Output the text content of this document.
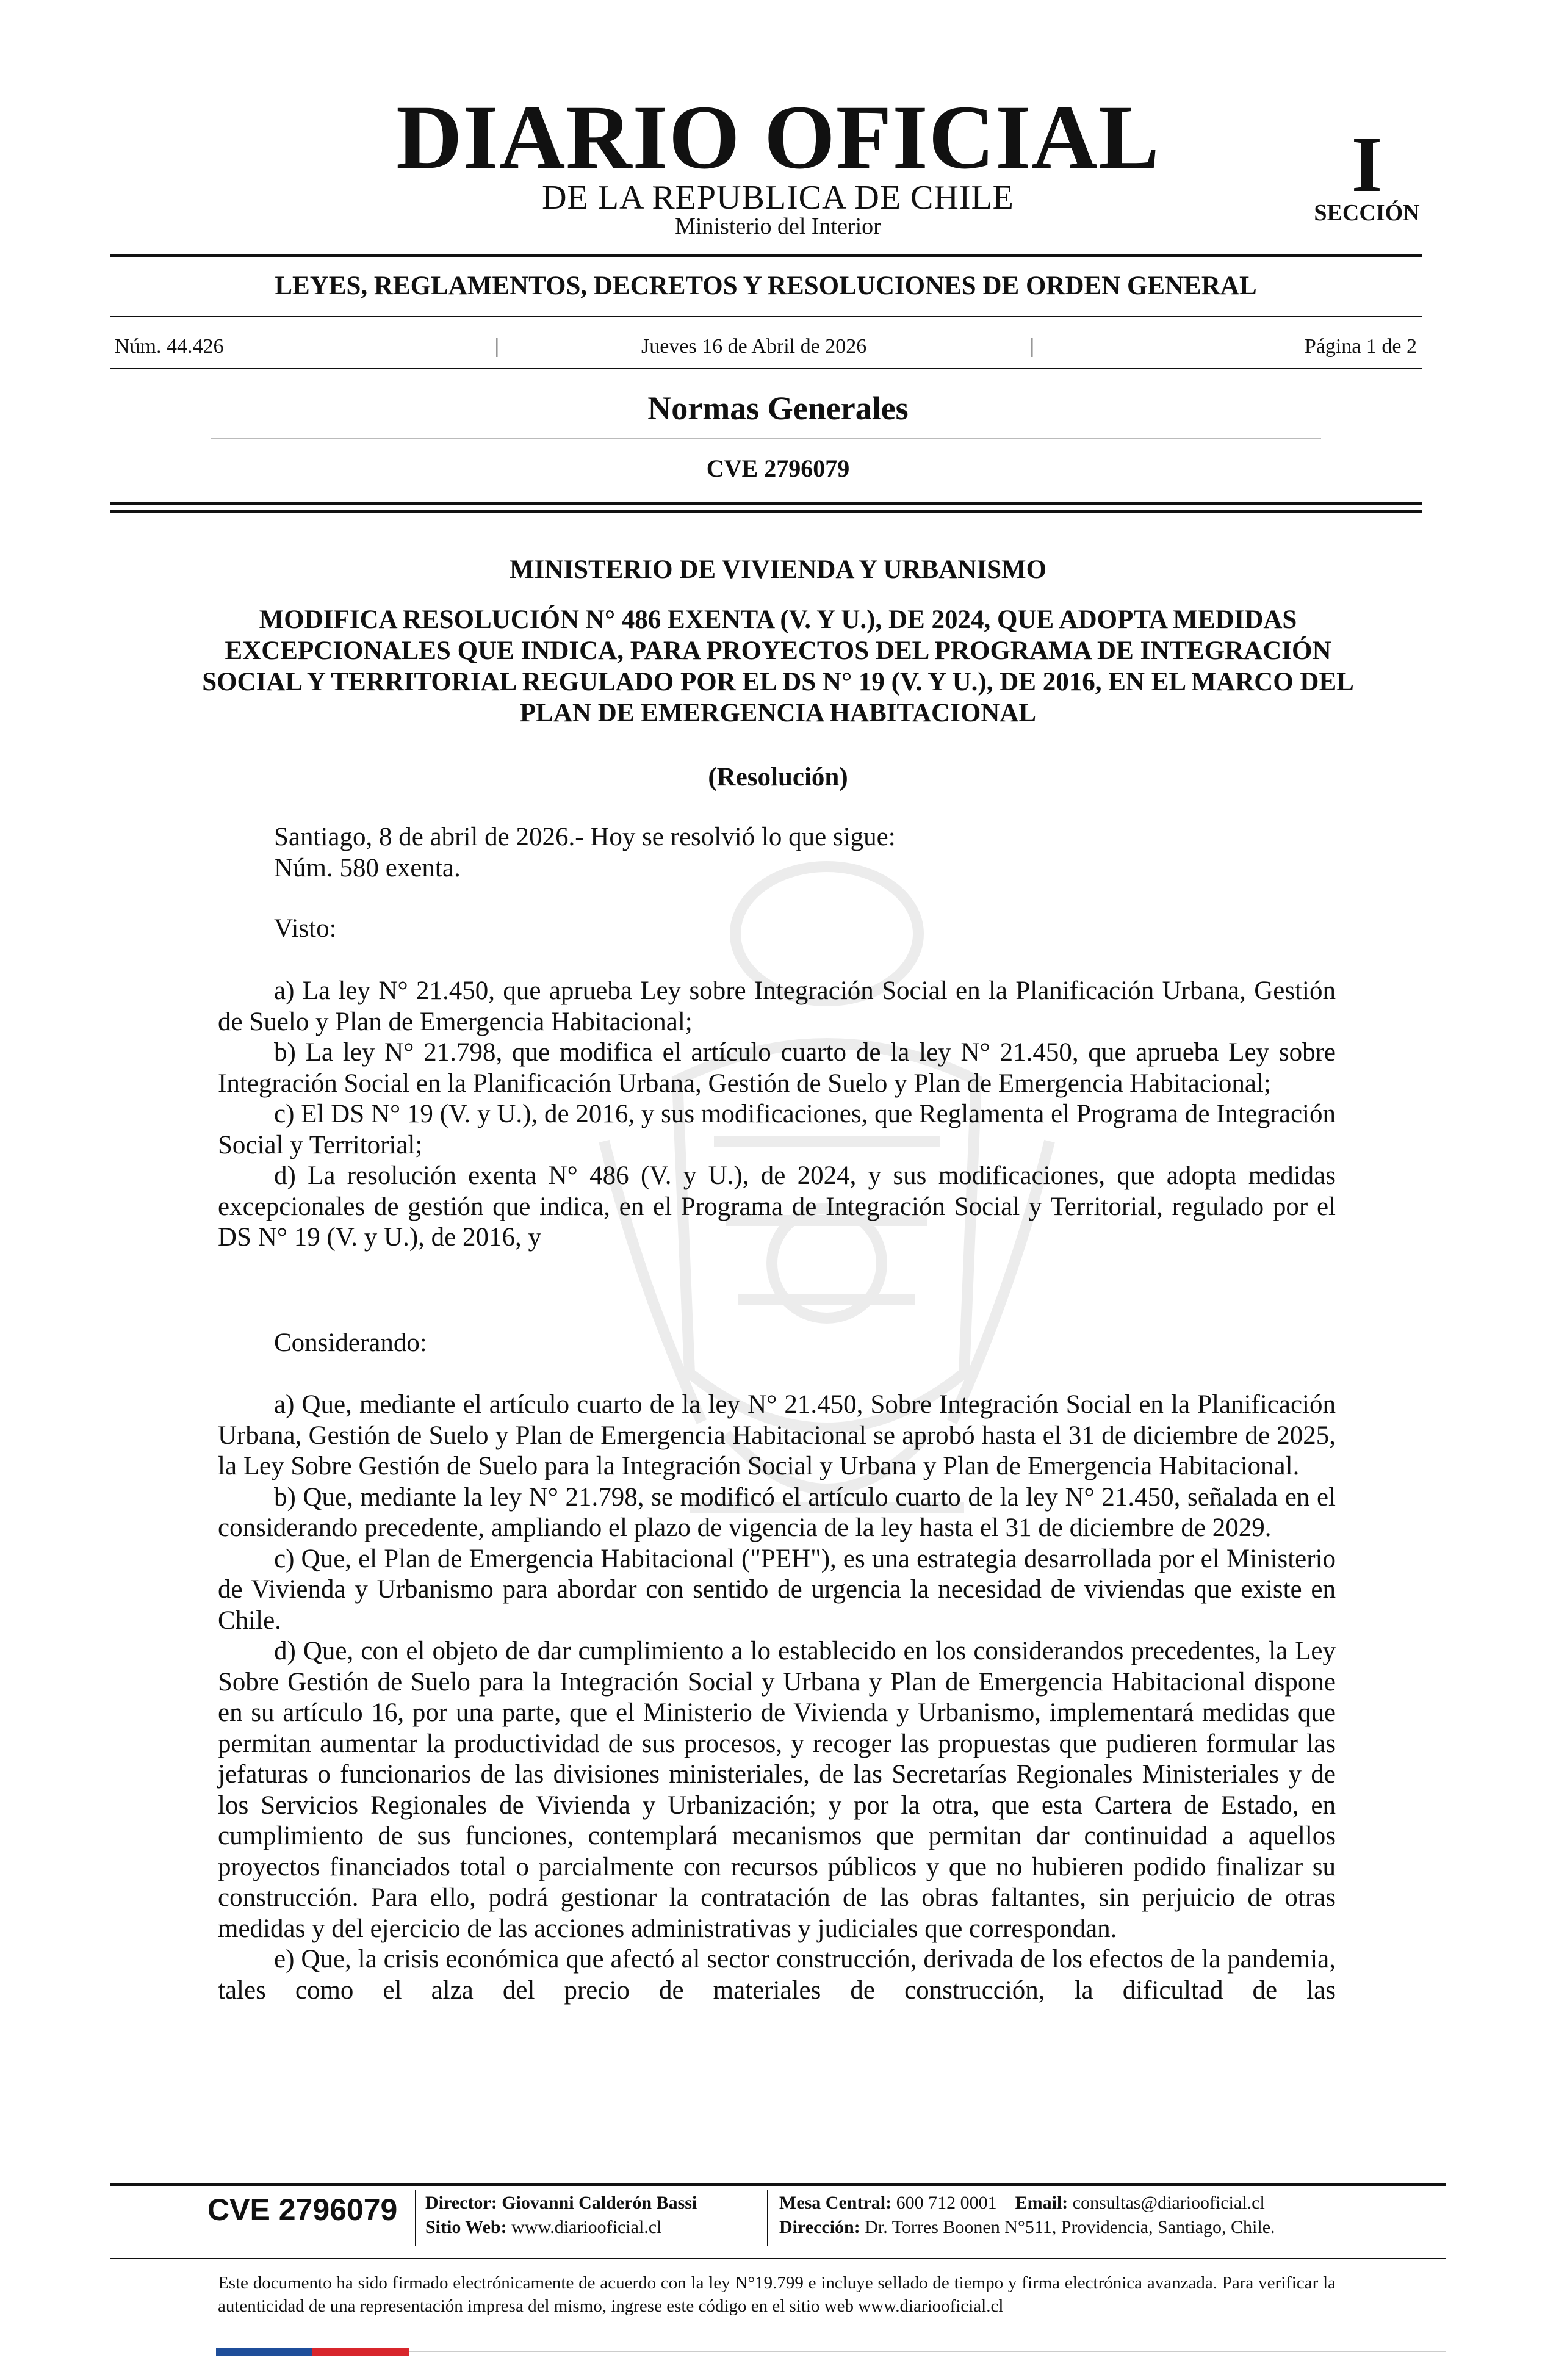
DIARIO OFICIAL
DE LA REPUBLICA DE CHILE
Ministerio del Interior
I
SECCIÓN
LEYES, REGLAMENTOS, DECRETOS Y RESOLUCIONES DE ORDEN GENERAL
Núm. 44.426	|	Jueves 16 de Abril de 2026	|	Página 1 de 2
Normas Generales
CVE 2796079
MINISTERIO DE VIVIENDA Y URBANISMO
MODIFICA RESOLUCIÓN N° 486 EXENTA (V. Y U.), DE 2024, QUE ADOPTA MEDIDAS EXCEPCIONALES QUE INDICA, PARA PROYECTOS DEL PROGRAMA DE INTEGRACIÓN SOCIAL Y TERRITORIAL REGULADO POR EL DS N° 19 (V. Y U.), DE 2016, EN EL MARCO DEL PLAN DE EMERGENCIA HABITACIONAL
(Resolución)
Santiago, 8 de abril de 2026.- Hoy se resolvió lo que sigue:
Núm. 580 exenta.
Visto:

a) La ley N° 21.450, que aprueba Ley sobre Integración Social en la Planificación Urbana, Gestión de Suelo y Plan de Emergencia Habitacional;

b) La ley N° 21.798, que modifica el artículo cuarto de la ley N° 21.450, que aprueba Ley sobre Integración Social en la Planificación Urbana, Gestión de Suelo y Plan de Emergencia Habitacional;

c) El DS N° 19 (V. y U.), de 2016, y sus modificaciones, que Reglamenta el Programa de Integración Social y Territorial;

d) La resolución exenta N° 486 (V. y U.), de 2024, y sus modificaciones, que adopta medidas excepcionales de gestión que indica, en el Programa de Integración Social y Territorial, regulado por el DS N° 19 (V. y U.), de 2016, y

Considerando:

a) Que, mediante el artículo cuarto de la ley N° 21.450, Sobre Integración Social en la Planificación Urbana, Gestión de Suelo y Plan de Emergencia Habitacional se aprobó hasta el 31 de diciembre de 2025, la Ley Sobre Gestión de Suelo para la Integración Social y Urbana y Plan de Emergencia Habitacional.

b) Que, mediante la ley N° 21.798, se modificó el artículo cuarto de la ley N° 21.450, señalada en el considerando precedente, ampliando el plazo de vigencia de la ley hasta el 31 de diciembre de 2029.

c) Que, el Plan de Emergencia Habitacional ("PEH"), es una estrategia desarrollada por el Ministerio de Vivienda y Urbanismo para abordar con sentido de urgencia la necesidad de viviendas que existe en Chile.

d) Que, con el objeto de dar cumplimiento a lo establecido en los considerandos precedentes, la Ley Sobre Gestión de Suelo para la Integración Social y Urbana y Plan de Emergencia Habitacional dispone en su artículo 16, por una parte, que el Ministerio de Vivienda y Urbanismo, implementará medidas que permitan aumentar la productividad de sus procesos, y recoger las propuestas que pudieren formular las jefaturas o funcionarios de las divisiones ministeriales, de las Secretarías Regionales Ministeriales y de los Servicios Regionales de Vivienda y Urbanización; y por la otra, que esta Cartera de Estado, en cumplimiento de sus funciones, contemplará mecanismos que permitan dar continuidad a aquellos proyectos financiados total o parcialmente con recursos públicos y que no hubieren podido finalizar su construcción. Para ello, podrá gestionar la contratación de las obras faltantes, sin perjuicio de otras medidas y del ejercicio de las acciones administrativas y judiciales que correspondan.

e) Que, la crisis económica que afectó al sector construcción, derivada de los efectos de la pandemia, tales como el alza del precio de materiales de construcción, la dificultad de las

CVE 2796079 Director: Giovanni Calderón Bassi
Sitio Web: www.diariooficial.cl
Mesa Central: 600 712 0001 Email: consultas@diariooficial.cl
Dirección: Dr. Torres Boonen N°511, Providencia, Santiago, Chile.
Este documento ha sido firmado electrónicamente de acuerdo con la ley N°19.799 e incluye sellado de tiempo y firma electrónica avanzada. Para verificar la autenticidad de una representación impresa del mismo, ingrese este código en el sitio web www.diariooficial.cl
